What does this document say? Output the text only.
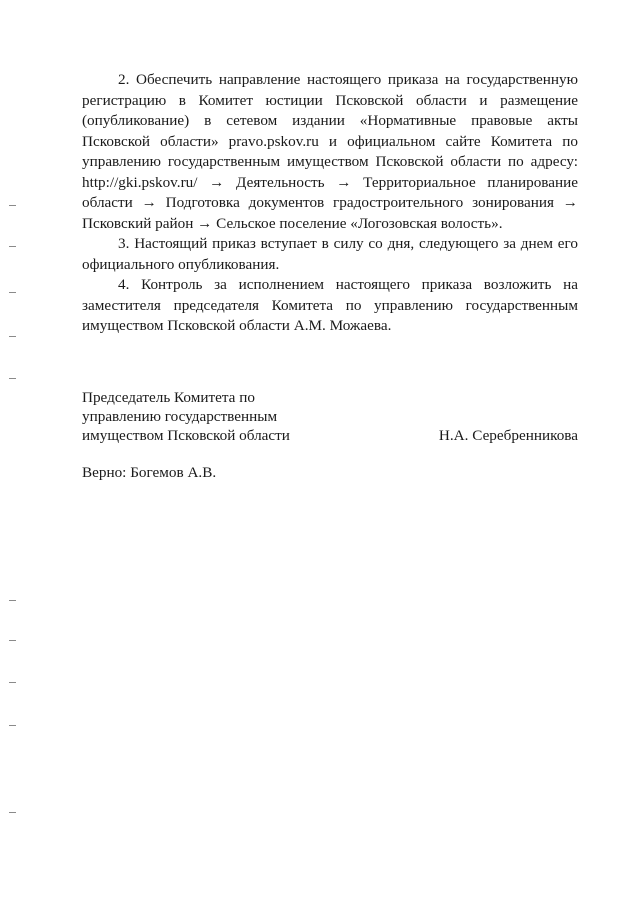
2. Обеспечить направление настоящего приказа на государственную регистрацию в Комитет юстиции Псковской области и размещение (опубликование) в сетевом издании «Нормативные правовые акты Псковской области» pravo.pskov.ru и официальном сайте Комитета по управлению государственным имуществом Псковской области по адресу: http://gki.pskov.ru/ → Деятельность → Территориальное планирование области → Подготовка документов градостроительного зонирования → Псковский район → Сельское поселение «Логозовская волость».

3. Настоящий приказ вступает в силу со дня, следующего за днем его официального опубликования.

4. Контроль за исполнением настоящего приказа возложить на заместителя председателя Комитета по управлению государственным имуществом Псковской области А.М. Можаева.

Председатель Комитета по

управлению государственным

имуществом Псковской области	Н.А. Серебренникова

Верно: Богемов А.В.
